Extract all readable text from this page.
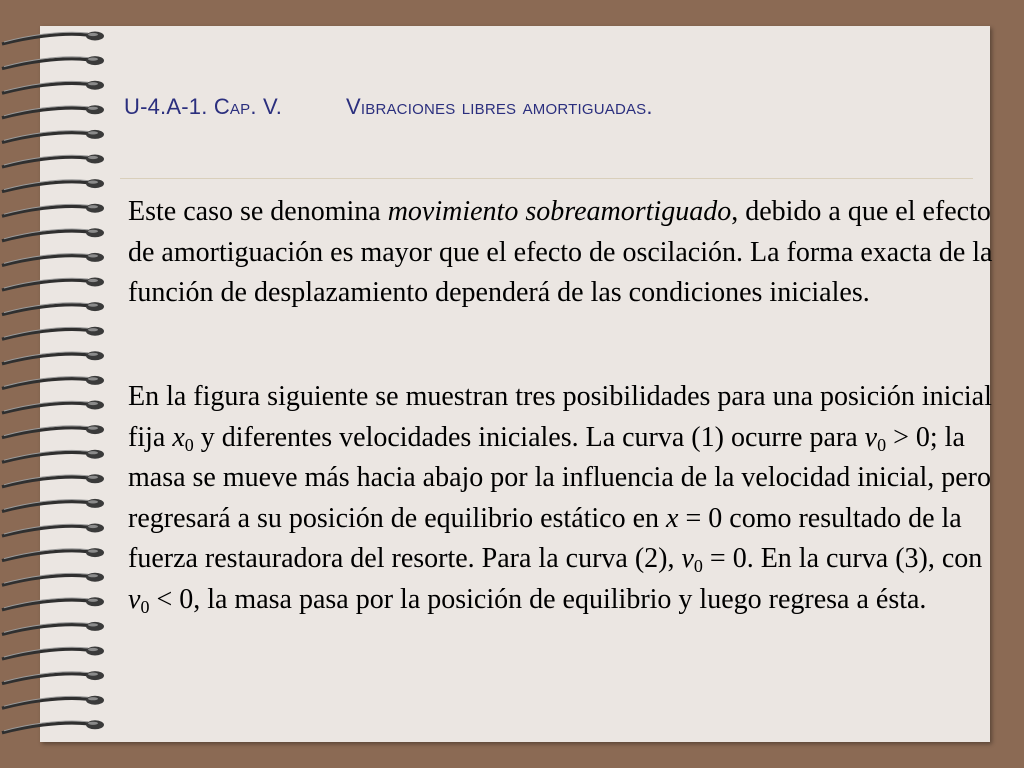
U-4.A-1. Cap. V.	Vibraciones libres amortiguadas.
Este caso se denomina movimiento sobreamortiguado, debido a que el efecto de amortiguación es mayor que el efecto de oscilación. La forma exacta de la función de desplazamiento dependerá de las condiciones iniciales.
En la figura siguiente se muestran tres posibilidades para una posición inicial fija $x_0$ y diferentes velocidades iniciales. La curva (1) ocurre para $v_0 > 0$; la masa se mueve más hacia abajo por la influencia de la velocidad inicial, pero regresará a su posición de equilibrio estático en x = 0 como resultado de la fuerza restauradora del resorte. Para la curva (2), $v_0 = 0$. En la curva (3), con $v_0 < 0$, la masa pasa por la posición de equilibrio y luego regresa a ésta.
